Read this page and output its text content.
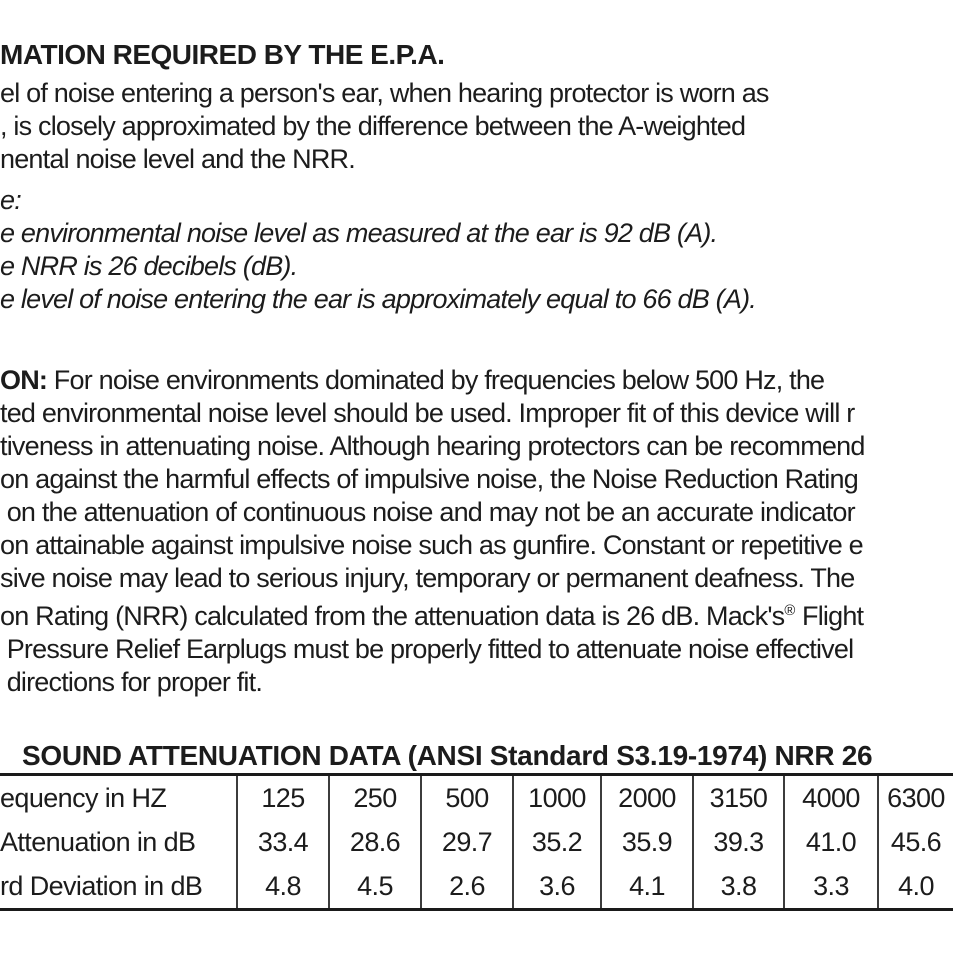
MATION REQUIRED BY THE E.P.A.
el of noise entering a person's ear, when hearing protector is worn as
, is closely approximated by the difference between the A-weighted
nental noise level and the NRR.
e:
e environmental noise level as measured at the ear is 92 dB (A).
e NRR is 26 decibels (dB).
e level of noise entering the ear is approximately equal to 66 dB (A).
ON: For noise environments dominated by frequencies below 500 Hz, the
ted environmental noise level should be used. Improper fit of this device will r
tiveness in attenuating noise. Although hearing protectors can be recommend
on against the harmful effects of impulsive noise, the Noise Reduction Rating
on the attenuation of continuous noise and may not be an accurate indicator
on attainable against impulsive noise such as gunfire. Constant or repetitive e
sive noise may lead to serious injury, temporary or permanent deafness. The
on Rating (NRR) calculated from the attenuation data is 26 dB. Mack's® Flight
Pressure Relief Earplugs must be properly fitted to attenuate noise effectivel
directions for proper fit.
SOUND ATTENUATION DATA (ANSI Standard S3.19-1974) NRR 26
equency in HZ	125	250	500	1000	2000	3150	4000	6300
Attenuation in dB	33.4	28.6	29.7	35.2	35.9	39.3	41.0	45.6
rd Deviation in dB	4.8	4.5	2.6	3.6	4.1	3.8	3.3	4.0
